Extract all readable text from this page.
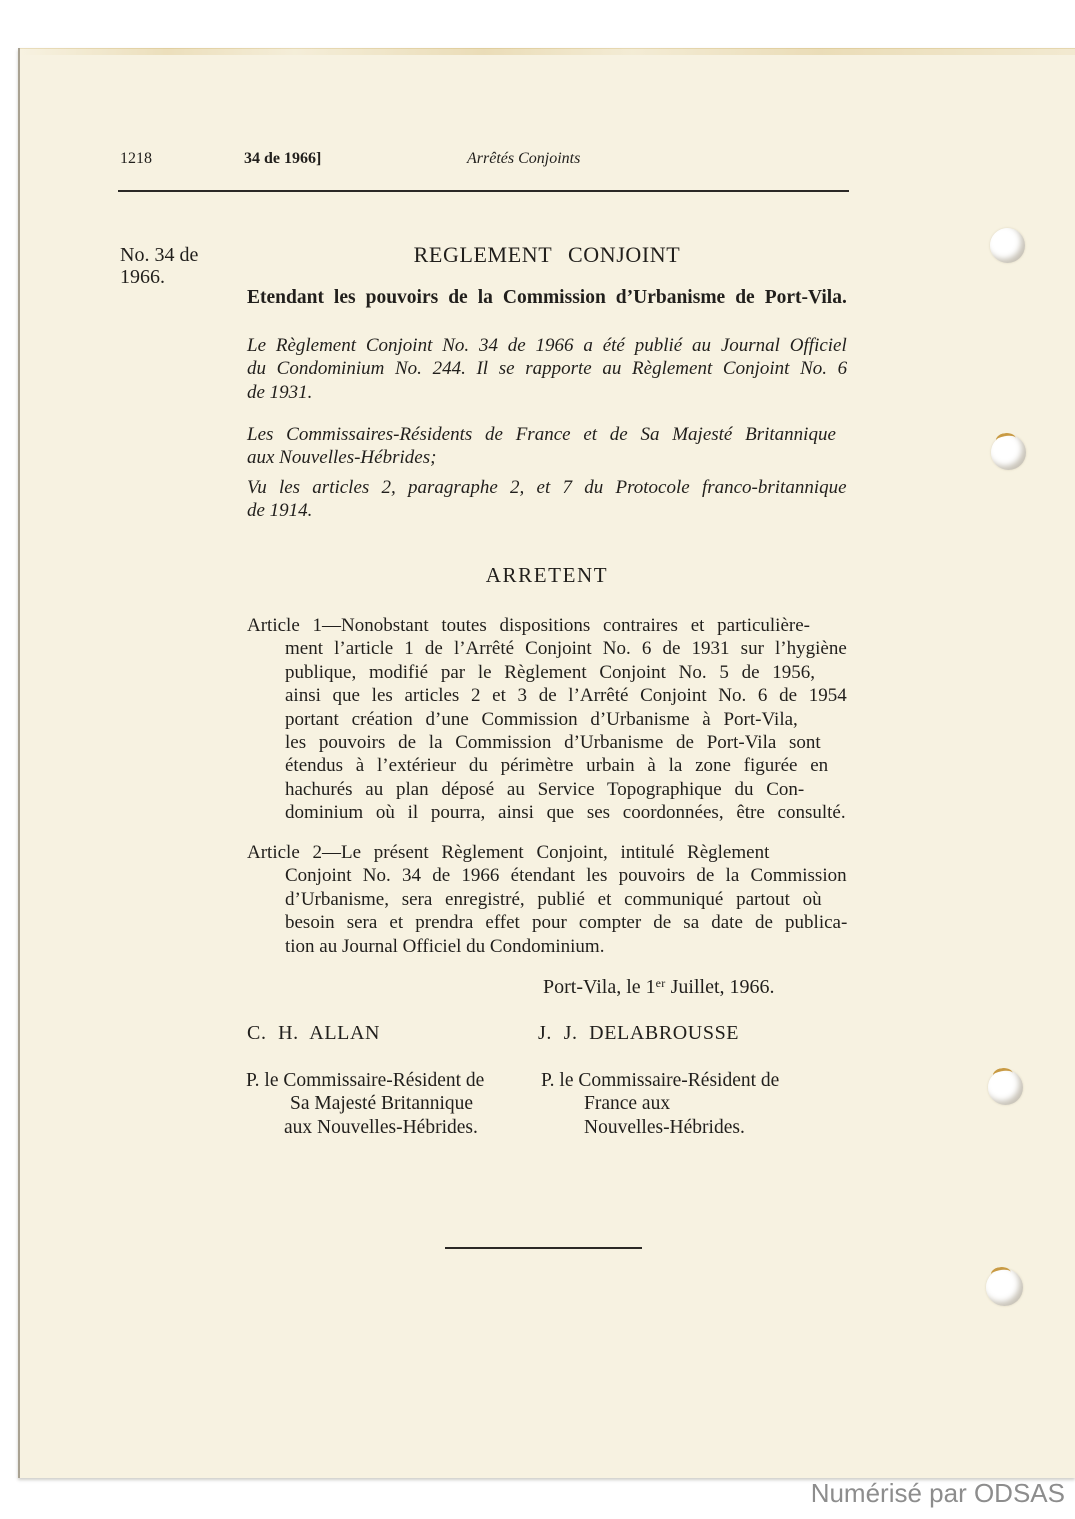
1218	34 de 1966]	Arrêtés Conjoints
No. 34 de
1966.
REGLEMENT CONJOINT
Etendant les pouvoirs de la Commission d’Urbanisme de Port-Vila.
Le Règlement Conjoint No. 34 de 1966 a été publié au Journal Officiel
du Condominium No. 244. Il se rapporte au Règlement Conjoint No. 6
de 1931.
Les Commissaires-Résidents de France et de Sa Majesté Britannique
aux Nouvelles-Hébrides;
Vu les articles 2, paragraphe 2, et 7 du Protocole franco-britannique
de 1914.
ARRETENT
Article 1—Nonobstant toutes dispositions contraires et particulière-
ment l’article 1 de l’Arrêté Conjoint No. 6 de 1931 sur l’hygiène
publique, modifié par le Règlement Conjoint No. 5 de 1956,
ainsi que les articles 2 et 3 de l’Arrêté Conjoint No. 6 de 1954
portant création d’une Commission d’Urbanisme à Port-Vila,
les pouvoirs de la Commission d’Urbanisme de Port-Vila sont
étendus à l’extérieur du périmètre urbain à la zone figurée en
hachurés au plan déposé au Service Topographique du Con-
dominium où il pourra, ainsi que ses coordonnées, être consulté.
Article 2—Le présent Règlement Conjoint, intitulé Règlement
Conjoint No. 34 de 1966 étendant les pouvoirs de la Commission
d’Urbanisme, sera enregistré, publié et communiqué partout où
besoin sera et prendra effet pour compter de sa date de publica-
tion au Journal Officiel du Condominium.
Port-Vila, le 1er Juillet, 1966.
C. H. ALLAN	J. J. DELABROUSSE
P. le Commissaire-Résident de
Sa Majesté Britannique
aux Nouvelles-Hébrides.
P. le Commissaire-Résident de
France aux
Nouvelles-Hébrides.
Numérisé par ODSAS
